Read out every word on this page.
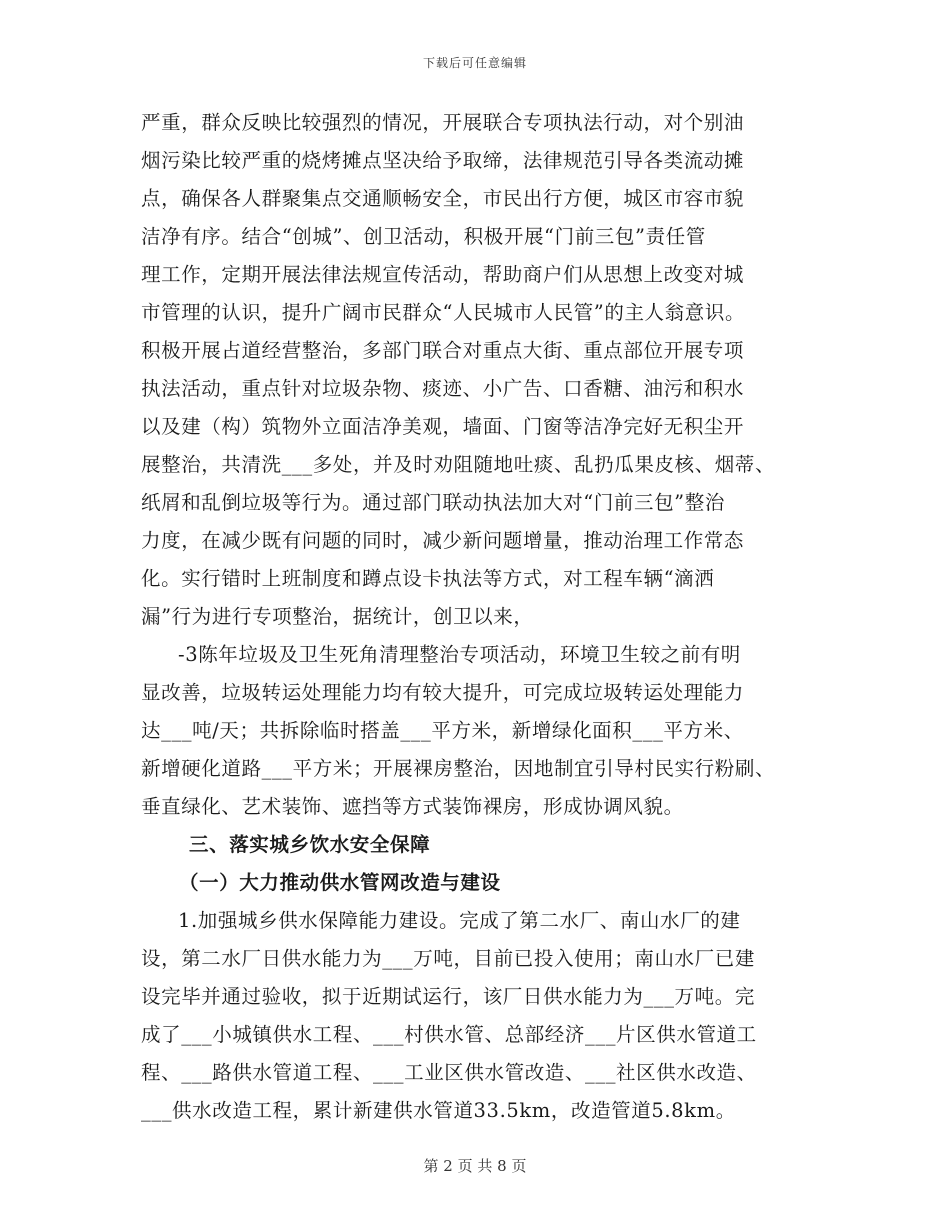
下载后可任意编辑
严重，群众反映比较强烈的情况，开展联合专项执法行动，对个别油
烟污染比较严重的烧烤摊点坚决给予取缔，法律规范引导各类流动摊
点，确保各人群聚集点交通顺畅安全，市民出行方便，城区市容市貌
洁净有序。结合“创城”、创卫活动，积极开展“门前三包”责任管
理工作，定期开展法律法规宣传活动，帮助商户们从思想上改变对城
市管理的认识，提升广阔市民群众“人民城市人民管”的主人翁意识。
积极开展占道经营整治，多部门联合对重点大街、重点部位开展专项
执法活动，重点针对垃圾杂物、痰迹、小广告、口香糖、油污和积水
以及建（构）筑物外立面洁净美观，墙面、门窗等洁净完好无积尘开
展整治，共清洗___多处，并及时劝阻随地吐痰、乱扔瓜果皮核、烟蒂、
纸屑和乱倒垃圾等行为。通过部门联动执法加大对“门前三包”整治
力度，在减少既有问题的同时，减少新问题增量，推动治理工作常态
化。实行错时上班制度和蹲点设卡执法等方式，对工程车辆“滴洒
漏”行为进行专项整治，据统计，创卫以来，
-3陈年垃圾及卫生死角清理整治专项活动，环境卫生较之前有明
显改善，垃圾转运处理能力均有较大提升，可完成垃圾转运处理能力
达___吨/天；共拆除临时搭盖___平方米，新增绿化面积___平方米、
新增硬化道路___平方米；开展裸房整治，因地制宜引导村民实行粉刷、
垂直绿化、艺术装饰、遮挡等方式装饰裸房，形成协调风貌。
三、落实城乡饮水安全保障
（一）大力推动供水管网改造与建设
1.加强城乡供水保障能力建设。完成了第二水厂、南山水厂的建
设，第二水厂日供水能力为___万吨，目前已投入使用；南山水厂已建
设完毕并通过验收，拟于近期试运行，该厂日供水能力为___万吨。完
成了___小城镇供水工程、___村供水管、总部经济___片区供水管道工
程、___路供水管道工程、___工业区供水管改造、___社区供水改造、
___供水改造工程，累计新建供水管道33.5km，改造管道5.8km。
第 2 页 共 8 页
